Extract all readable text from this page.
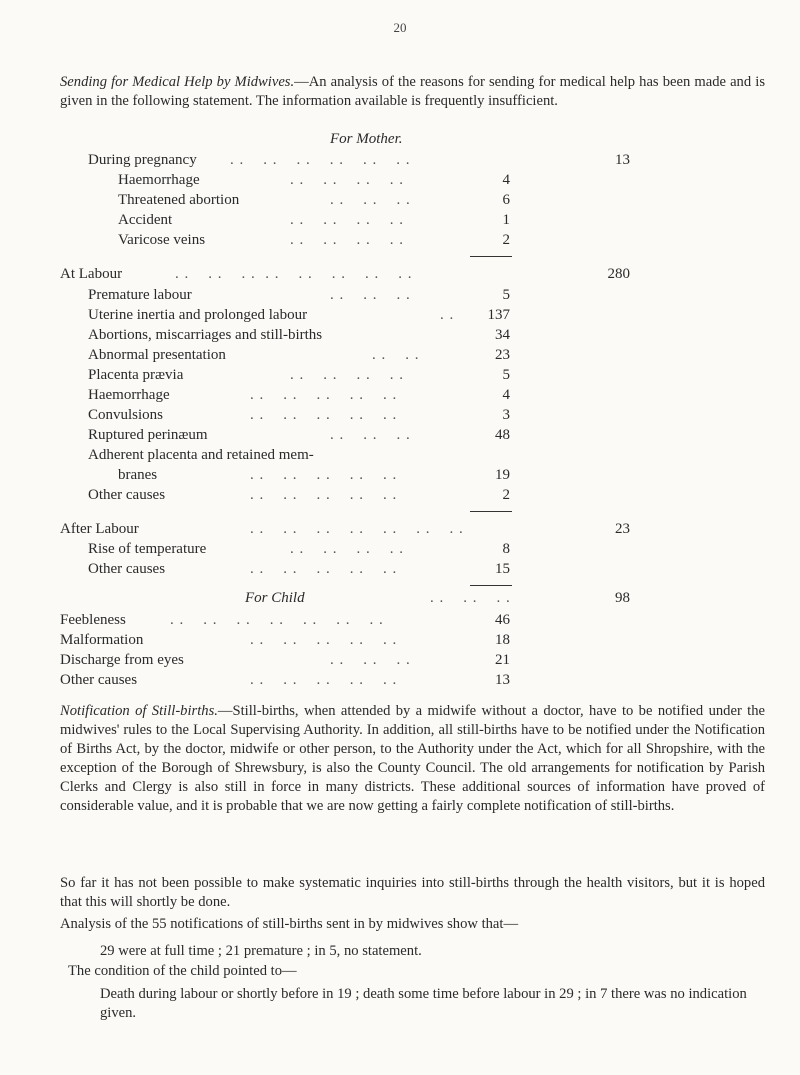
20
Sending for Medical Help by Midwives.—An analysis of the reasons for sending for medical help has been made and is given in the following statement. The information available is frequently insufficient.
For Mother.
During pregnancy . .    . .    . .    . .    . .    . .	13
Haemorrhage	. .    . .    . .    . .	4
Threatened abortion	. .    . .    . .	6
Accident	. .    . .    . .    . .	1
Varicose veins	. .    . .    . .    . .	2
At Labour	. .    . .    . .  . .    . .    . .    . .    . .	280
Premature labour	. .    . .    . .	5
Uterine inertia and prolonged labour	. .	137
Abortions, miscarriages and still-births	34
Abnormal presentation	. .    . .	23
Placenta prævia	. .    . .    . .    . .	5
Haemorrhage	. .    . .    . .    . .    . .	4
Convulsions	. .    . .    . .    . .    . .	3
Ruptured perinæum	. .    . .    . .	48
Adherent placenta and retained mem-
branes	. .    . .    . .    . .    . .	19
Other causes	. .    . .    . .    . .    . .	2
After Labour	. .    . .    . .    . .    . .    . .    . .	23
Rise of temperature	. .    . .    . .    . .	8
Other causes	. .    . .    . .    . .    . .	15
For Child	. .    . .    . .	98
Feebleness	. .    . .    . .    . .    . .    . .    . .	46
Malformation	. .    . .    . .    . .    . .	18
Discharge from eyes	. .    . .    . .	21
Other causes	. .    . .    . .    . .    . .	13
Notification of Still-births.—Still-births, when attended by a midwife without a doctor, have to be notified under the midwives' rules to the Local Supervising Authority. In addition, all still-births have to be notified under the Notification of Births Act, by the doctor, midwife or other person, to the Authority under the Act, which for all Shropshire, with the exception of the Borough of Shrewsbury, is also the County Council. The old arrangements for notification by Parish Clerks and Clergy is also still in force in many districts. These additional sources of information have proved of considerable value, and it is probable that we are now getting a fairly complete notification of still-births.
So far it has not been possible to make systematic inquiries into still-births through the health visitors, but it is hoped that this will shortly be done.
Analysis of the 55 notifications of still-births sent in by midwives show that—
29 were at full time ; 21 premature ; in 5, no statement.
The condition of the child pointed to—
Death during labour or shortly before in 19 ; death some time before labour in 29 ; in 7 there was no indication given.
